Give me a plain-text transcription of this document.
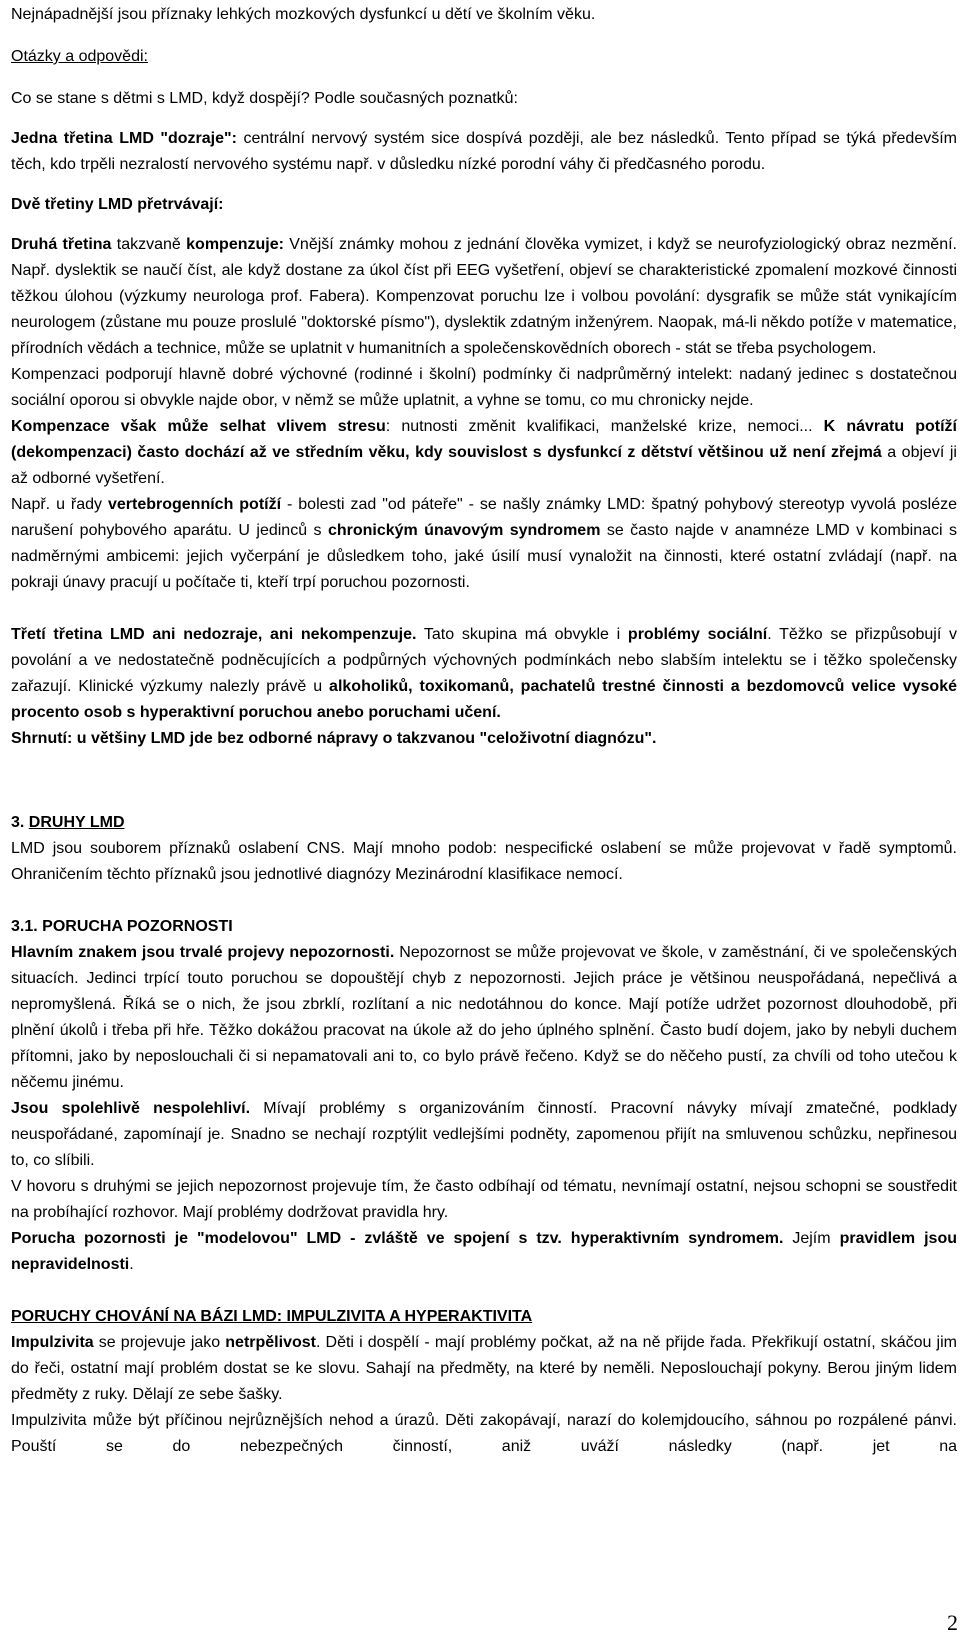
Nejnápadnější jsou příznaky lehkých mozkových dysfunkcí u dětí ve školním věku.
Otázky a odpovědi:
Co se stane s dětmi s LMD, když dospějí? Podle současných poznatků:
Jedna třetina LMD "dozraje": centrální nervový systém sice dospívá později, ale bez následků. Tento případ se týká především těch, kdo trpěli nezralostí nervového systému např. v důsledku nízké porodní váhy či předčasného porodu.
Dvě třetiny LMD přetrvávají:
Druhá třetina takzvaně kompenzuje: Vnější známky mohou z jednání člověka vymizet, i když se neurofyziologický obraz nezmění. Např. dyslektik se naučí číst, ale když dostane za úkol číst při EEG vyšetření, objeví se charakteristické zpomalení mozkové činnosti těžkou úlohou (výzkumy neurologa prof. Fabera). Kompenzovat poruchu lze i volbou povolání: dysgrafik se může stát vynikajícím neurologem (zůstane mu pouze proslulé "doktorské písmo"), dyslektik zdatným inženýrem. Naopak, má-li někdo potíže v matematice, přírodních vědách a technice, může se uplatnit v humanitních a společenskovědních oborech - stát se třeba psychologem.
Kompenzaci podporují hlavně dobré výchovné (rodinné i školní) podmínky či nadprůměrný intelekt: nadaný jedinec s dostatečnou sociální oporou si obvykle najde obor, v němž se může uplatnit, a vyhne se tomu, co mu chronicky nejde.
Kompenzace však může selhat vlivem stresu: nutnosti změnit kvalifikaci, manželské krize, nemoci... K návratu potíží (dekompenzaci) často dochází až ve středním věku, kdy souvislost s dysfunkcí z dětství většinou už není zřejmá a objeví ji až odborné vyšetření.
Např. u řady vertebrogenních potíží - bolesti zad "od páteře" - se našly známky LMD: špatný pohybový stereotyp vyvolá posléze narušení pohybového aparátu. U jedinců s chronickým únavovým syndromem se často najde v anamnéze LMD v kombinaci s nadměrnými ambicemi: jejich vyčerpání je důsledkem toho, jaké úsilí musí vynaložit na činnosti, které ostatní zvládají (např. na pokraji únavy pracují u počítače ti, kteří trpí poruchou pozornosti.
Třetí třetina LMD ani nedozraje, ani nekompenzuje. Tato skupina má obvykle i problémy sociální. Těžko se přizpůsobují v povolání a ve nedostatečně podněcujících a podpůrných výchovných podmínkách nebo slabším intelektu se i těžko společensky zařazují. Klinické výzkumy nalezly právě u alkoholiků, toxikomanů, pachatelů trestné činnosti a bezdomovců velice vysoké procento osob s hyperaktivní poruchou anebo poruchami učení.
Shrnutí: u většiny LMD jde bez odborné nápravy o takzvanou "celoživotní diagnózu".
3. DRUHY LMD
LMD jsou souborem příznaků oslabení CNS. Mají mnoho podob: nespecifické oslabení se může projevovat v řadě symptomů. Ohraničením těchto příznaků jsou jednotlivé diagnózy Mezinárodní klasifikace nemocí.
3.1. PORUCHA POZORNOSTI
Hlavním znakem jsou trvalé projevy nepozornosti. Nepozornost se může projevovat ve škole, v zaměstnání, či ve společenských situacích. Jedinci trpící touto poruchou se dopouštějí chyb z nepozornosti. Jejich práce je většinou neuspořádaná, nepečlivá a nepromyšlená. Říká se o nich, že jsou zbrklí, rozlítaní a nic nedotáhnou do konce. Mají potíže udržet pozornost dlouhodobě, při plnění úkolů i třeba při hře. Těžko dokážou pracovat na úkole až do jeho úplného splnění. Často budí dojem, jako by nebyli duchem přítomni, jako by neposlouchali či si nepamatovali ani to, co bylo právě řečeno. Když se do něčeho pustí, za chvíli od toho utečou k něčemu jinému.
Jsou spolehlivě nespolehliví. Mívají problémy s organizováním činností. Pracovní návyky mívají zmatečné, podklady neuspořádané, zapomínají je. Snadno se nechají rozptýlit vedlejšími podněty, zapomenou přijít na smluvenou schůzku, nepřinesou to, co slíbili.
V hovoru s druhými se jejich nepozornost projevuje tím, že často odbíhají od tématu, nevnímají ostatní, nejsou schopni se soustředit na probíhající rozhovor. Mají problémy dodržovat pravidla hry.
Porucha pozornosti je "modelovou" LMD - zvláště ve spojení s tzv. hyperaktivním syndromem. Jejím pravidlem jsou nepravidelnosti.
PORUCHY CHOVÁNÍ NA BÁZI LMD: IMPULZIVITA A HYPERAKTIVITA
Impulzivita se projevuje jako netrpělivost. Děti i dospělí - mají problémy počkat, až na ně přijde řada. Překřikují ostatní, skáčou jim do řeči, ostatní mají problém dostat se ke slovu. Sahají na předměty, na které by neměli. Neposlouchají pokyny. Berou jiným lidem předměty z ruky. Dělají ze sebe šašky.
Impulzivita může být příčinou nejrůznějších nehod a úrazů. Děti zakopávají, narazí do kolemjdoucího, sáhnou po rozpálené pánvi. Pouští se do nebezpečných činností, aniž uváží následky (např. jet na
2
